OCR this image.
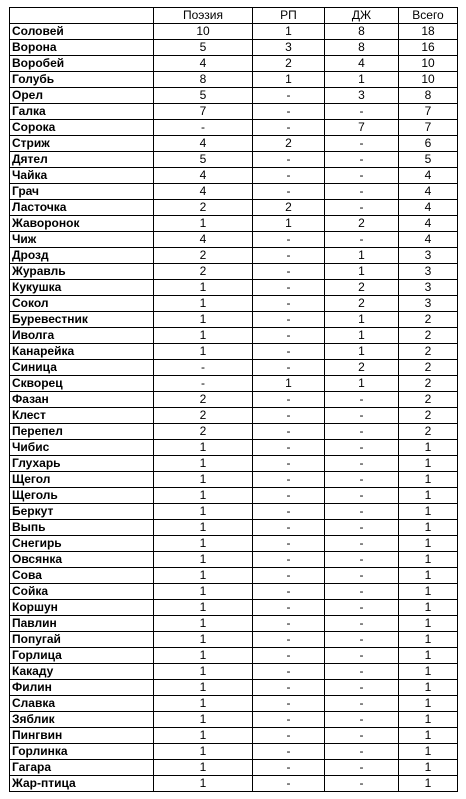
	Поэзия	РП	ДЖ	Всего
Соловей	10	1	8	18
Ворона	5	3	8	16
Воробей	4	2	4	10
Голубь	8	1	1	10
Орел	5	-	3	8
Галка	7	-	-	7
Сорока	-	-	7	7
Стриж	4	2	-	6
Дятел	5	-	-	5
Чайка	4	-	-	4
Грач	4	-	-	4
Ласточка	2	2	-	4
Жаворонок	1	1	2	4
Чиж	4	-	-	4
Дрозд	2	-	1	3
Журавль	2	-	1	3
Кукушка	1	-	2	3
Сокол	1	-	2	3
Буревестник	1	-	1	2
Иволга	1	-	1	2
Канарейка	1	-	1	2
Синица	-	-	2	2
Скворец	-	1	1	2
Фазан	2	-	-	2
Клест	2	-	-	2
Перепел	2	-	-	2
Чибис	1	-	-	1
Глухарь	1	-	-	1
Щегол	1	-	-	1
Щеголь	1	-	-	1
Беркут	1	-	-	1
Выпь	1	-	-	1
Снегирь	1	-	-	1
Овсянка	1	-	-	1
Сова	1	-	-	1
Сойка	1	-	-	1
Коршун	1	-	-	1
Павлин	1	-	-	1
Попугай	1	-	-	1
Горлица	1	-	-	1
Какаду	1	-	-	1
Филин	1	-	-	1
Славка	1	-	-	1
Зяблик	1	-	-	1
Пингвин	1	-	-	1
Горлинка	1	-	-	1
Гагара	1	-	-	1
Жар-птица	1	-	-	1
